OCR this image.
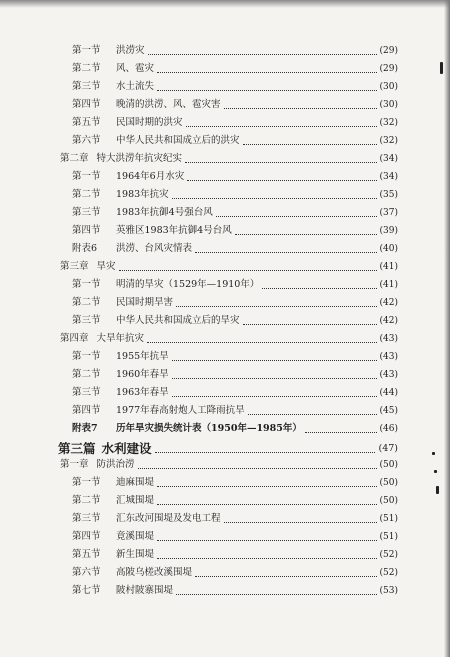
第一节	洪涝灾	(29)
第二节	风、雹灾	(29)
第三节	水土流失	(30)
第四节	晚清的洪涝、风、雹灾害	(30)
第五节	民国时期的洪灾	(32)
第六节	中华人民共和国成立后的洪灾	(32)
第二章 特大洪涝年抗灾纪实	(34)
第一节	1964年6月水灾	(34)
第二节	1983年抗灾	(35)
第三节	1983年抗御4号强台风	(37)
第四节	英雅区1983年抗御4号台风	(39)
附表6	洪涝、台风灾情表	(40)
第三章 旱灾	(41)
第一节	明清的旱灾（1529年—1910年）	(41)
第二节	民国时期旱害	(42)
第三节	中华人民共和国成立后的旱灾	(42)
第四章 大旱年抗灾	(43)
第一节	1955年抗旱	(43)
第二节	1960年春旱	(43)
第三节	1963年春旱	(44)
第四节	1977年春高射炮人工降雨抗旱	(45)
附表7	历年旱灾损失统计表（1950年—1985年）	(46)
第三篇 水利建设	(47)
第一章 防洪治涝	(50)
第一节	迪麻围堤	(50)
第二节	汇城围堤	(50)
第三节	汇东改河围堤及发电工程	(51)
第四节	竟溪围堤	(51)
第五节	新生围堤	(52)
第六节	高陂乌槎改溪围堤	(52)
第七节	陂村陂寨围堤	(53)
